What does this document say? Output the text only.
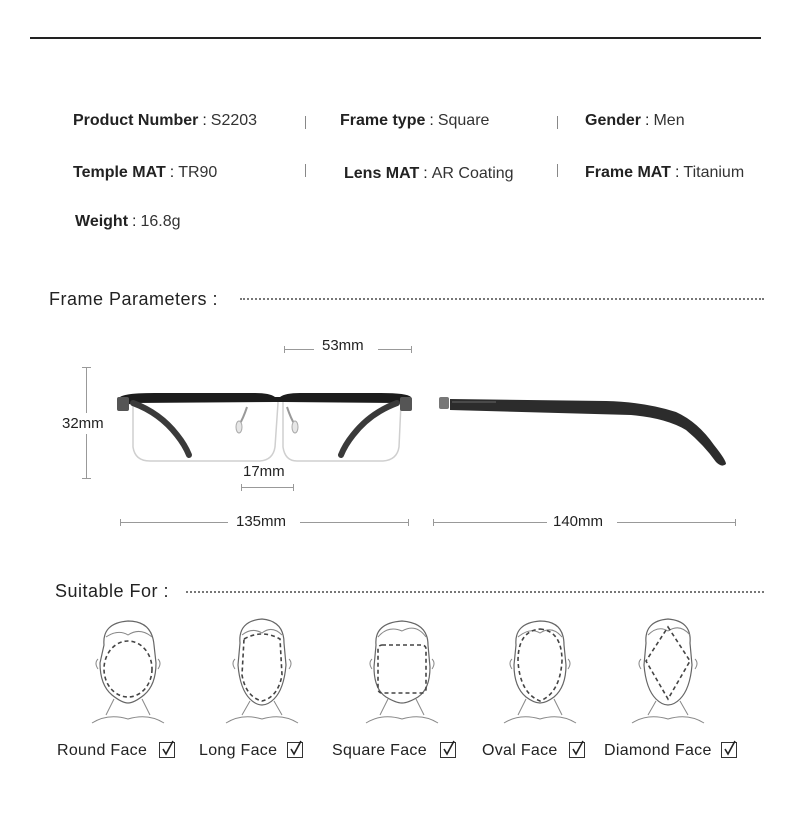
Product Number : S2203	Frame type : Square	Gender : Men
Temple MAT : TR90	Lens MAT : AR Coating	Frame MAT : Titanium
Weight : 16.8g
Frame Parameters :
53mm
32mm
17mm
135mm	140mm
Suitable For :
Round Face	Long Face	Square Face	Oval Face	Diamond Face
